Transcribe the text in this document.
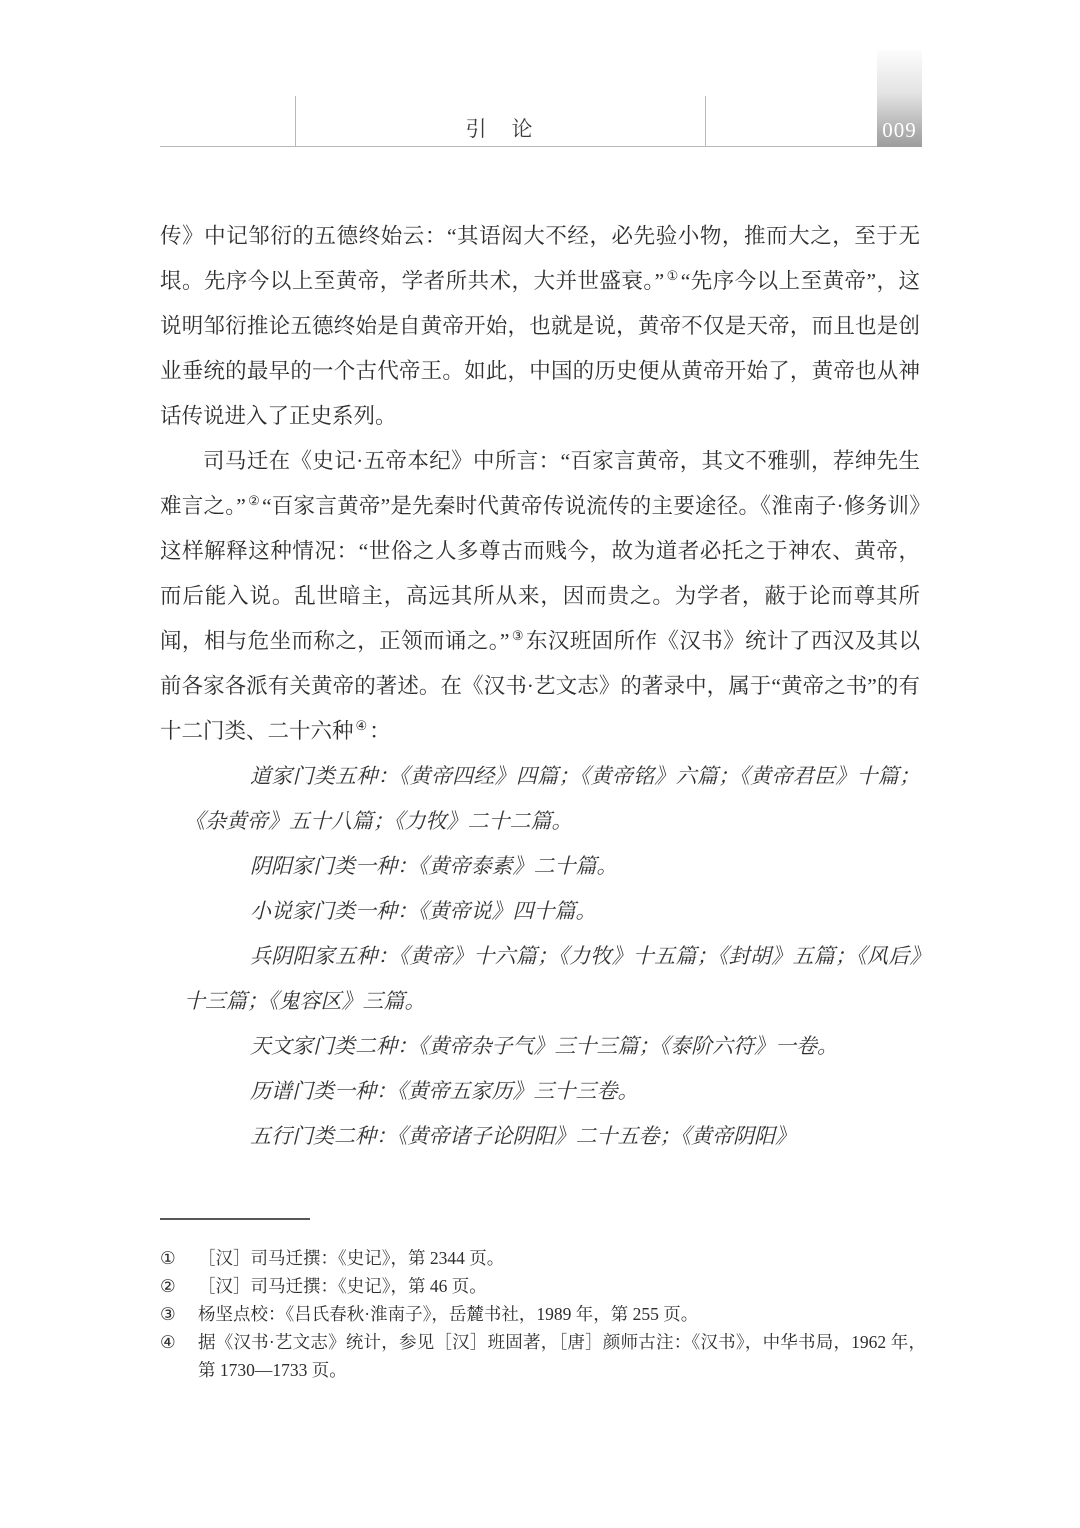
引　论	009

传》中记邹衍的五德终始云：“其语闳大不经，必先验小物，推而大之，至于无垠。先序今以上至黄帝，学者所共术，大并世盛衰。” ①“先序今以上至黄帝”，这说明邹衍推论五德终始是自黄帝开始，也就是说，黄帝不仅是天帝，而且也是创业垂统的最早的一个古代帝王。如此，中国的历史便从黄帝开始了，黄帝也从神话传说进入了正史系列。

司马迁在《史记·五帝本纪》中所言：“百家言黄帝，其文不雅驯，荐绅先生难言之。” ②“百家言黄帝”是先秦时代黄帝传说流传的主要途径。《淮南子·修务训》这样解释这种情况：“世俗之人多尊古而贱今，故为道者必托之于神农、黄帝，而后能入说。乱世暗主，高远其所从来，因而贵之。为学者，蔽于论而尊其所闻，相与危坐而称之，正领而诵之。” ③东汉班固所作《汉书》统计了西汉及其以前各家各派有关黄帝的著述。在《汉书·艺文志》的著录中，属于“黄帝之书”的有十二门类、二十六种 ④：

道家门类五种：《黄帝四经》四篇；《黄帝铭》六篇；《黄帝君臣》十篇；《杂黄帝》五十八篇；《力牧》二十二篇。

阴阳家门类一种：《黄帝泰素》二十篇。

小说家门类一种：《黄帝说》四十篇。

兵阴阳家五种：《黄帝》十六篇；《力牧》十五篇；《封胡》五篇；《风后》十三篇；《鬼容区》三篇。

天文家门类二种：《黄帝杂子气》三十三篇；《泰阶六符》一卷。

历谱门类一种：《黄帝五家历》三十三卷。

五行门类二种：《黄帝诸子论阴阳》二十五卷；《黄帝阴阳》

① ［汉］司马迁撰：《史记》，第 2344 页。
② ［汉］司马迁撰：《史记》，第 46 页。
③ 杨坚点校：《吕氏春秋·淮南子》，岳麓书社，1989 年，第 255 页。
④ 据《汉书·艺文志》统计，参见［汉］班固著，［唐］颜师古注：《汉书》，中华书局，1962 年，第 1730—1733 页。
